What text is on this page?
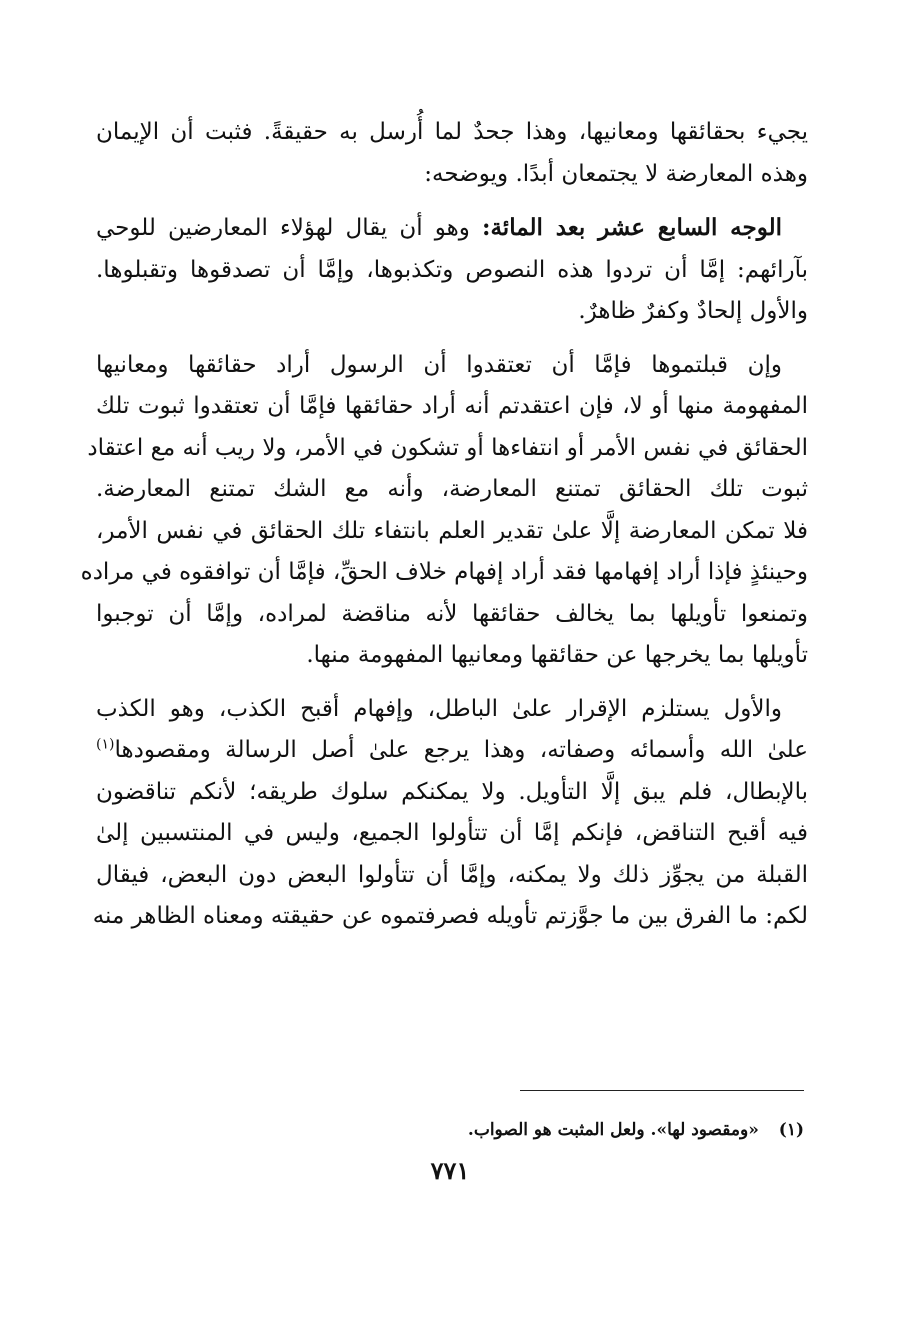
يجيء بحقائقها ومعانيها، وهذا جحدٌ لما أُرسل به حقيقةً. فثبت أن الإيمان
وهذه المعارضة لا يجتمعان أبدًا. ويوضحه:

الوجه السابع عشر بعد المائة: وهو أن يقال لهؤلاء المعارضين للوحي
بآرائهم: إمَّا أن تردوا هذه النصوص وتكذبوها، وإمَّا أن تصدقوها وتقبلوها.
والأول إلحادٌ وكفرٌ ظاهرٌ.

وإن قبلتموها فإمَّا أن تعتقدوا أن الرسول أراد حقائقها ومعانيها
المفهومة منها أو لا، فإن اعتقدتم أنه أراد حقائقها فإمَّا أن تعتقدوا ثبوت تلك
الحقائق في نفس الأمر أو انتفاءها أو تشكون في الأمر، ولا ريب أنه مع اعتقاد
ثبوت تلك الحقائق تمتنع المعارضة، وأنه مع الشك تمتنع المعارضة.
فلا تمكن المعارضة إلَّا علىٰ تقدير العلم بانتفاء تلك الحقائق في نفس الأمر،
وحينئذٍ فإذا أراد إفهامها فقد أراد إفهام خلاف الحقِّ، فإمَّا أن توافقوه في مراده
وتمنعوا تأويلها بما يخالف حقائقها لأنه مناقضة لمراده، وإمَّا أن توجبوا
تأويلها بما يخرجها عن حقائقها ومعانيها المفهومة منها.

والأول يستلزم الإقرار علىٰ الباطل، وإفهام أقبح الكذب، وهو الكذب
علىٰ الله وأسمائه وصفاته، وهذا يرجع علىٰ أصل الرسالة ومقصودها$^{(١)}$
بالإبطال، فلم يبق إلَّا التأويل. ولا يمكنكم سلوك طريقه؛ لأنكم تناقضون
فيه أقبح التناقض، فإنكم إمَّا أن تتأولوا الجميع، وليس في المنتسبين إلىٰ
القبلة من يجوِّز ذلك ولا يمكنه، وإمَّا أن تتأولوا البعض دون البعض، فيقال
لكم: ما الفرق بين ما جوَّزتم تأويله فصرفتموه عن حقيقته ومعناه الظاهر منه

(١) «ومقصود لها». ولعل المثبت هو الصواب.
٧٧١
